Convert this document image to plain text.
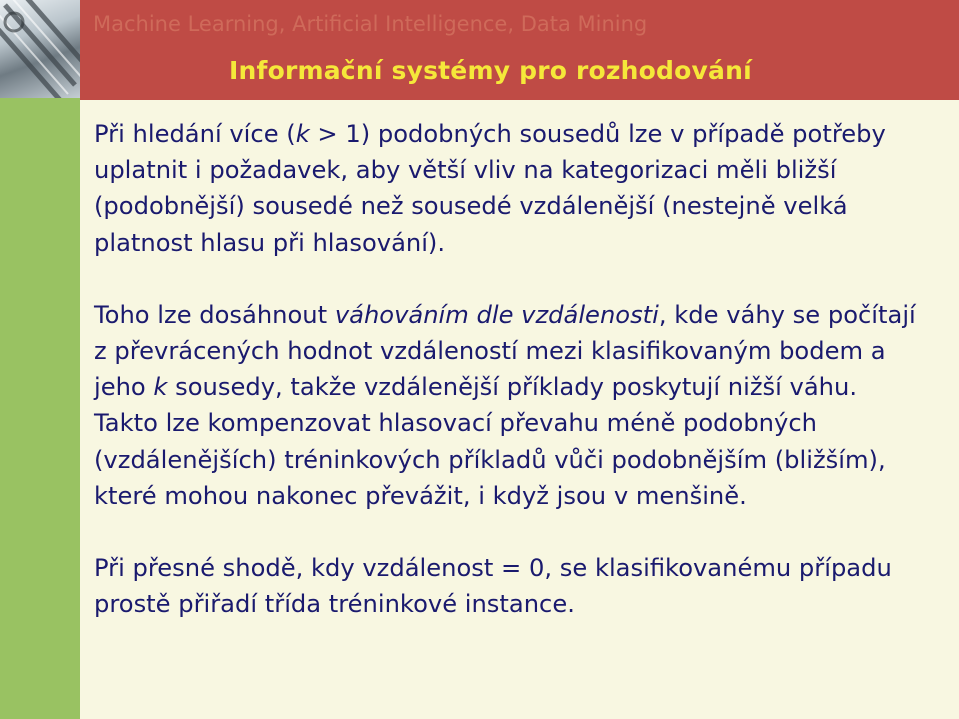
Machine Learning, Artificial Intelligence, Data Mining
Informační systémy pro rozhodování

Při hledání více (k > 1) podobných sousedů lze v případě potřeby uplatnit i požadavek, aby větší vliv na kategorizaci měli bližší (podobnější) sousedé než sousedé vzdálenější (nestejně velká platnost hlasu při hlasování).

Toho lze dosáhnout váhováním dle vzdálenosti, kde váhy se počítají z převrácených hodnot vzdáleností mezi klasifikovaným bodem a jeho k sousedy, takže vzdálenější příklady poskytují nižší váhu. Takto lze kompenzovat hlasovací převahu méně podobných (vzdálenějších) tréninkových příkladů vůči podobnějším (bližším), které mohou nakonec převážit, i když jsou v menšině.

Při přesné shodě, kdy vzdálenost = 0, se klasifikovanému případu prostě přiřadí třída tréninkové instance.
